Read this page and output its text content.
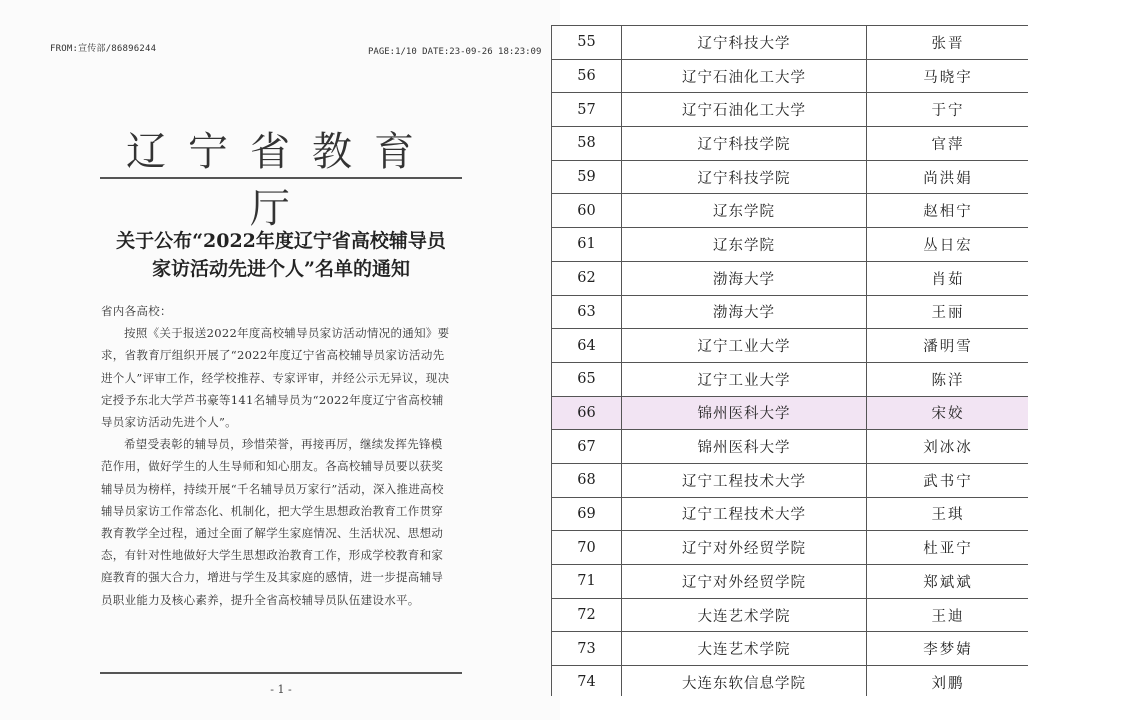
FROM:宣传部/86896244	PAGE:1/10 DATE:23-09-26 18:23:09
辽宁省教育厅
关于公布“2022年度辽宁省高校辅导员
家访活动先进个人”名单的通知

省内各高校：

按照《关于报送2022年度高校辅导员家访活动情况的通知》要求，省教育厅组织开展了“2022年度辽宁省高校辅导员家访活动先进个人”评审工作，经学校推荐、专家评审，并经公示无异议，现决定授予东北大学芦书豪等141名辅导员为“2022年度辽宁省高校辅导员家访活动先进个人”。

希望受表彰的辅导员，珍惜荣誉，再接再厉，继续发挥先锋模范作用，做好学生的人生导师和知心朋友。各高校辅导员要以获奖辅导员为榜样，持续开展“千名辅导员万家行”活动，深入推进高校辅导员家访工作常态化、机制化，把大学生思想政治教育工作贯穿教育教学全过程，通过全面了解学生家庭情况、生活状况、思想动态，有针对性地做好大学生思想政治教育工作，形成学校教育和家庭教育的强大合力，增进与学生及其家庭的感情，进一步提高辅导员职业能力及核心素养，提升全省高校辅导员队伍建设水平。

- 1 -
55	辽宁科技大学	张晋
56	辽宁石油化工大学	马晓宇
57	辽宁石油化工大学	于宁
58	辽宁科技学院	官萍
59	辽宁科技学院	尚洪娟
60	辽东学院	赵相宁
61	辽东学院	丛日宏
62	渤海大学	肖茹
63	渤海大学	王丽
64	辽宁工业大学	潘明雪
65	辽宁工业大学	陈洋
66	锦州医科大学	宋姣
67	锦州医科大学	刘冰冰
68	辽宁工程技术大学	武书宁
69	辽宁工程技术大学	王琪
70	辽宁对外经贸学院	杜亚宁
71	辽宁对外经贸学院	郑斌斌
72	大连艺术学院	王迪
73	大连艺术学院	李梦婧
74	大连东软信息学院	刘鹏
